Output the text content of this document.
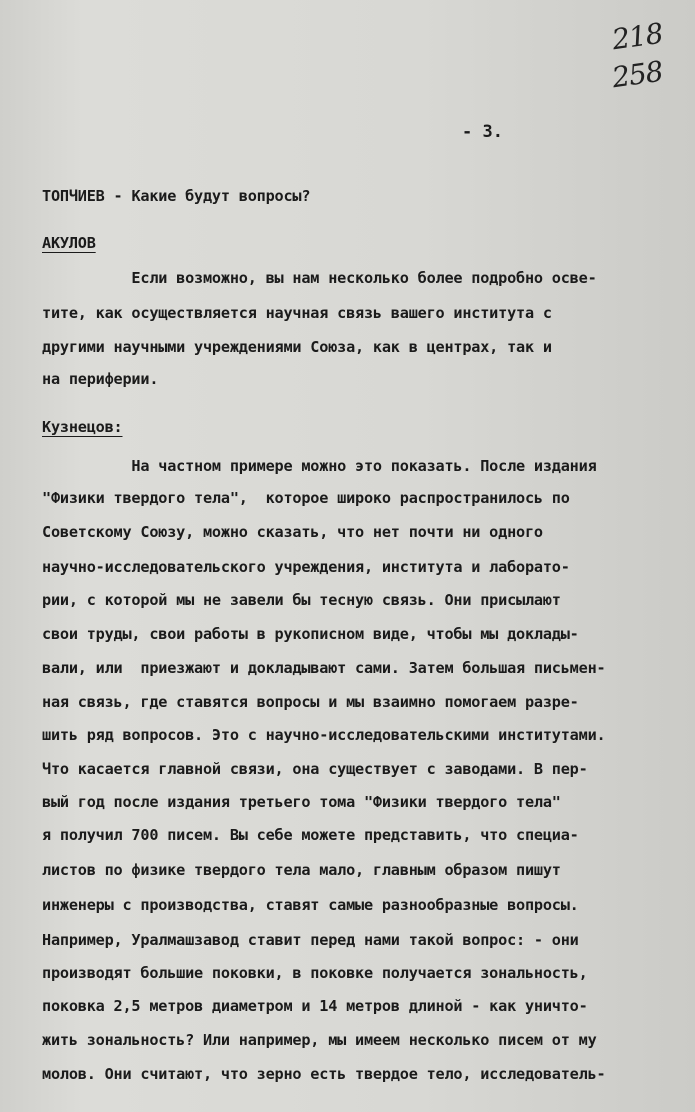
218
258
- 3.
ТОПЧИЕВ - Какие будут вопросы?
АКУЛОВ
Если возможно, вы нам несколько более подробно осве-
тите, как осуществляется научная связь вашего института с
другими научными учреждениями Союза, как в центрах, так и
на периферии.
Кузнецов:
На частном примере можно это показать. После издания
"Физики твердого тела",  которое широко распространилось по
Советскому Союзу, можно сказать, что нет почти ни одного
научно-исследовательского учреждения, института и лаборато-
рии, с которой мы не завели бы тесную связь. Они присылают
свои труды, свои работы в рукописном виде, чтобы мы доклады-
вали, или  приезжают и докладывают сами. Затем большая письмен-
ная связь, где ставятся вопросы и мы взаимно помогаем разре-
шить ряд вопросов. Это с научно-исследовательскими институтами.
Что касается главной связи, она существует с заводами. В пер-
вый год после издания третьего тома "Физики твердого тела"
я получил 700 писем. Вы себе можете представить, что специа-
листов по физике твердого тела мало, главным образом пишут
инженеры с производства, ставят самые разнообразные вопросы.
Например, Уралмашзавод ставит перед нами такой вопрос: - они
производят большие поковки, в поковке получается зональность,
поковка 2,5 метров диаметром и 14 метров длиной - как уничто-
жить зональность? Или например, мы имеем несколько писем от му
молов. Они считают, что зерно есть твердое тело, исследователь-
